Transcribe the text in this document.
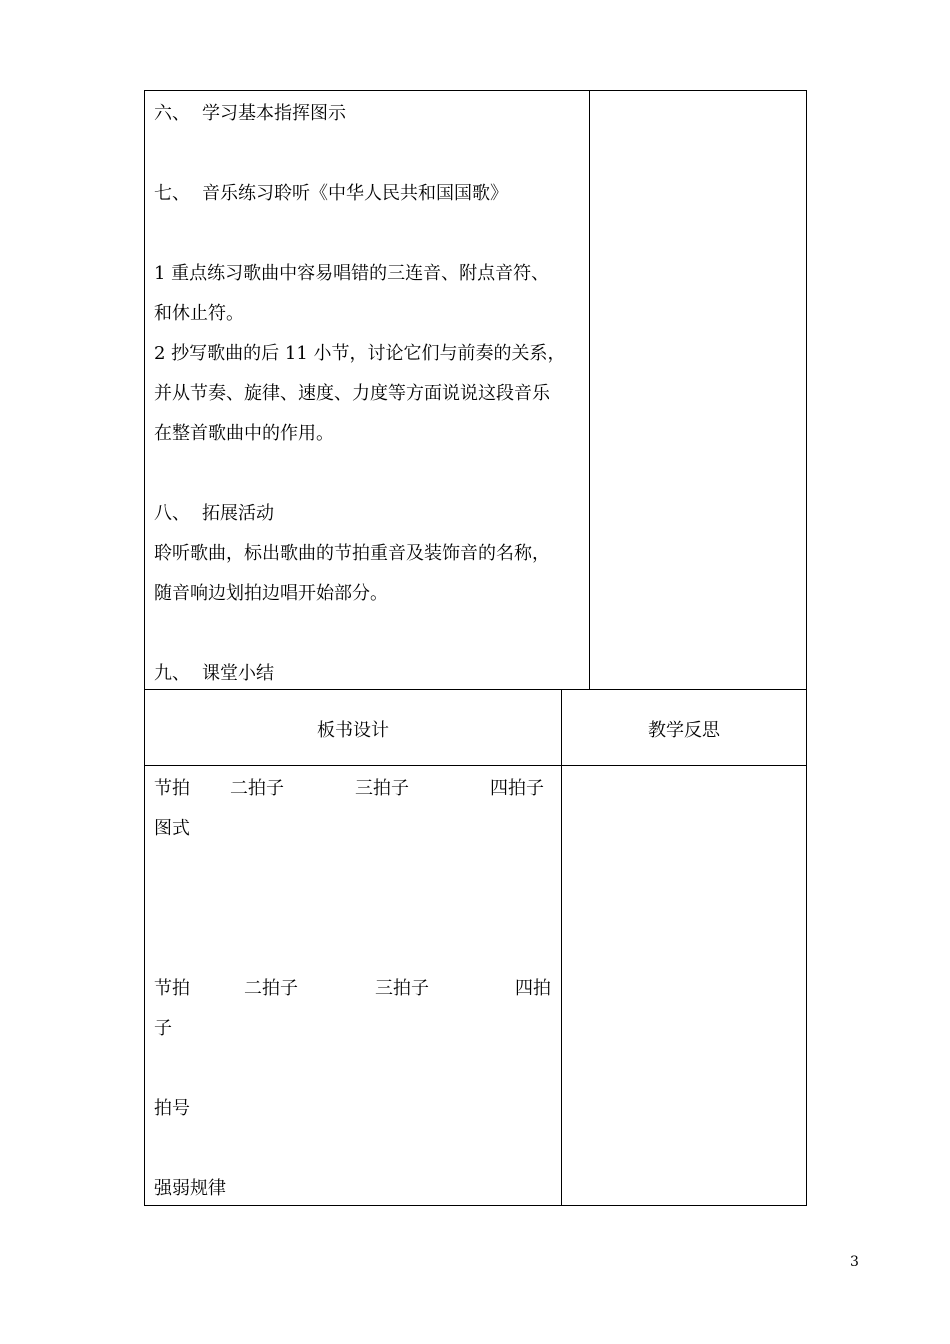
六、 学习基本指挥图示
七、 音乐练习聆听《中华人民共和国国歌》
1 重点练习歌曲中容易唱错的三连音、附点音符、
和休止符。
2 抄写歌曲的后 11 小节，讨论它们与前奏的关系，
并从节奏、旋律、速度、力度等方面说说这段音乐
在整首歌曲中的作用。
八、 拓展活动
聆听歌曲，标出歌曲的节拍重音及装饰音的名称，
随音响边划拍边唱开始部分。
九、 课堂小结
板书设计	教学反思
节拍 二拍子	三拍子	四拍子
图式
节拍	二拍子	三拍子	四拍
子
拍号
强弱规律
3
